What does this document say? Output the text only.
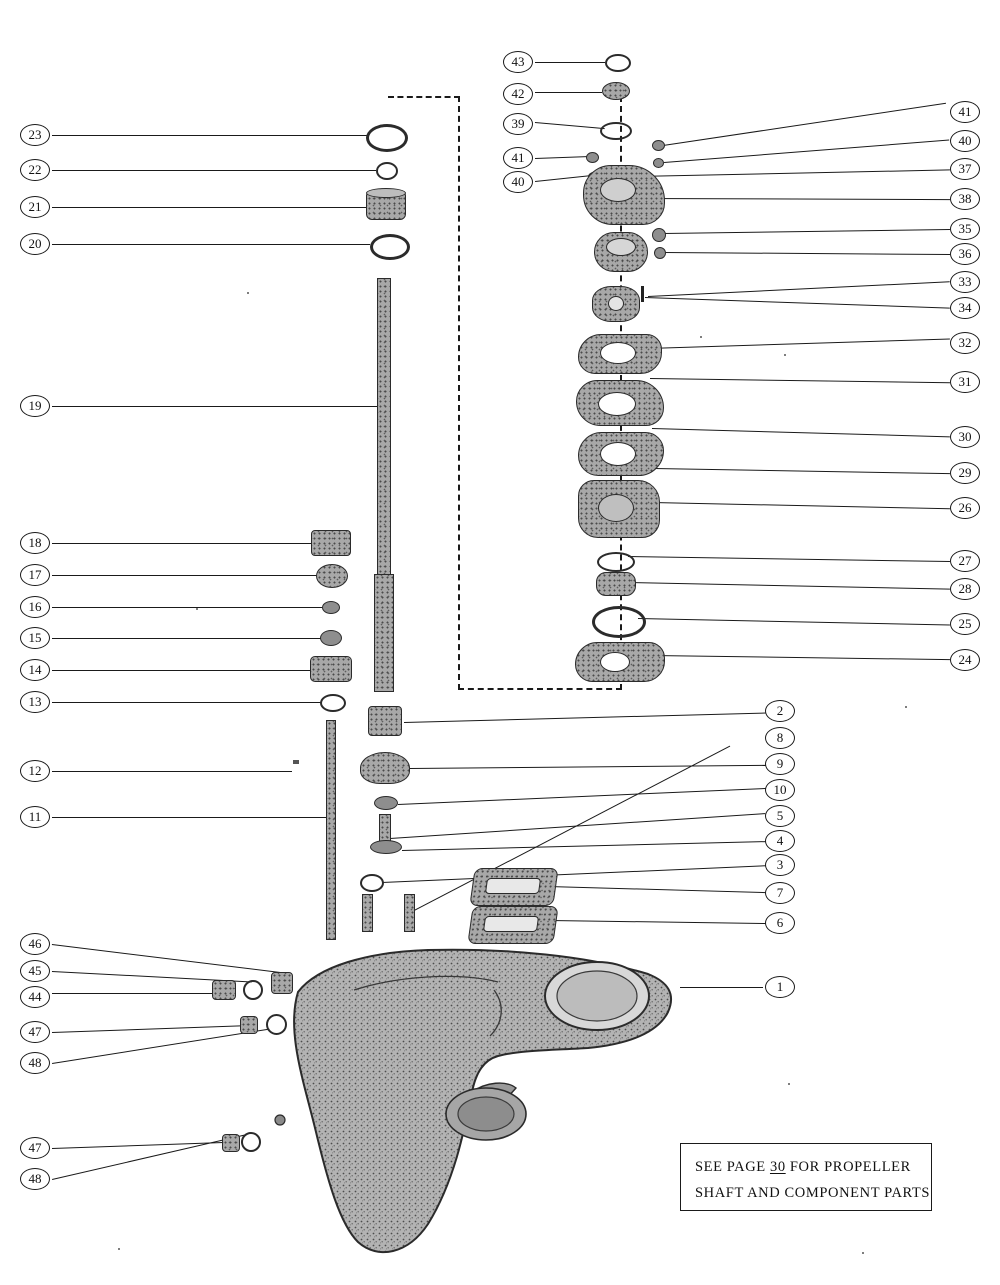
23
22
21
20
19
18
17
16
15
14
13
12
11
46
45
44
47
48
47
48
43
42
39
41
40
41
40
37
38
35
36
33
34
32
31
30
29
26
27
28
25
24
2
8
9
10
5
4
3
7
6
1
SEE PAGE 30 FOR PROPELLER
SHAFT AND COMPONENT PARTS
